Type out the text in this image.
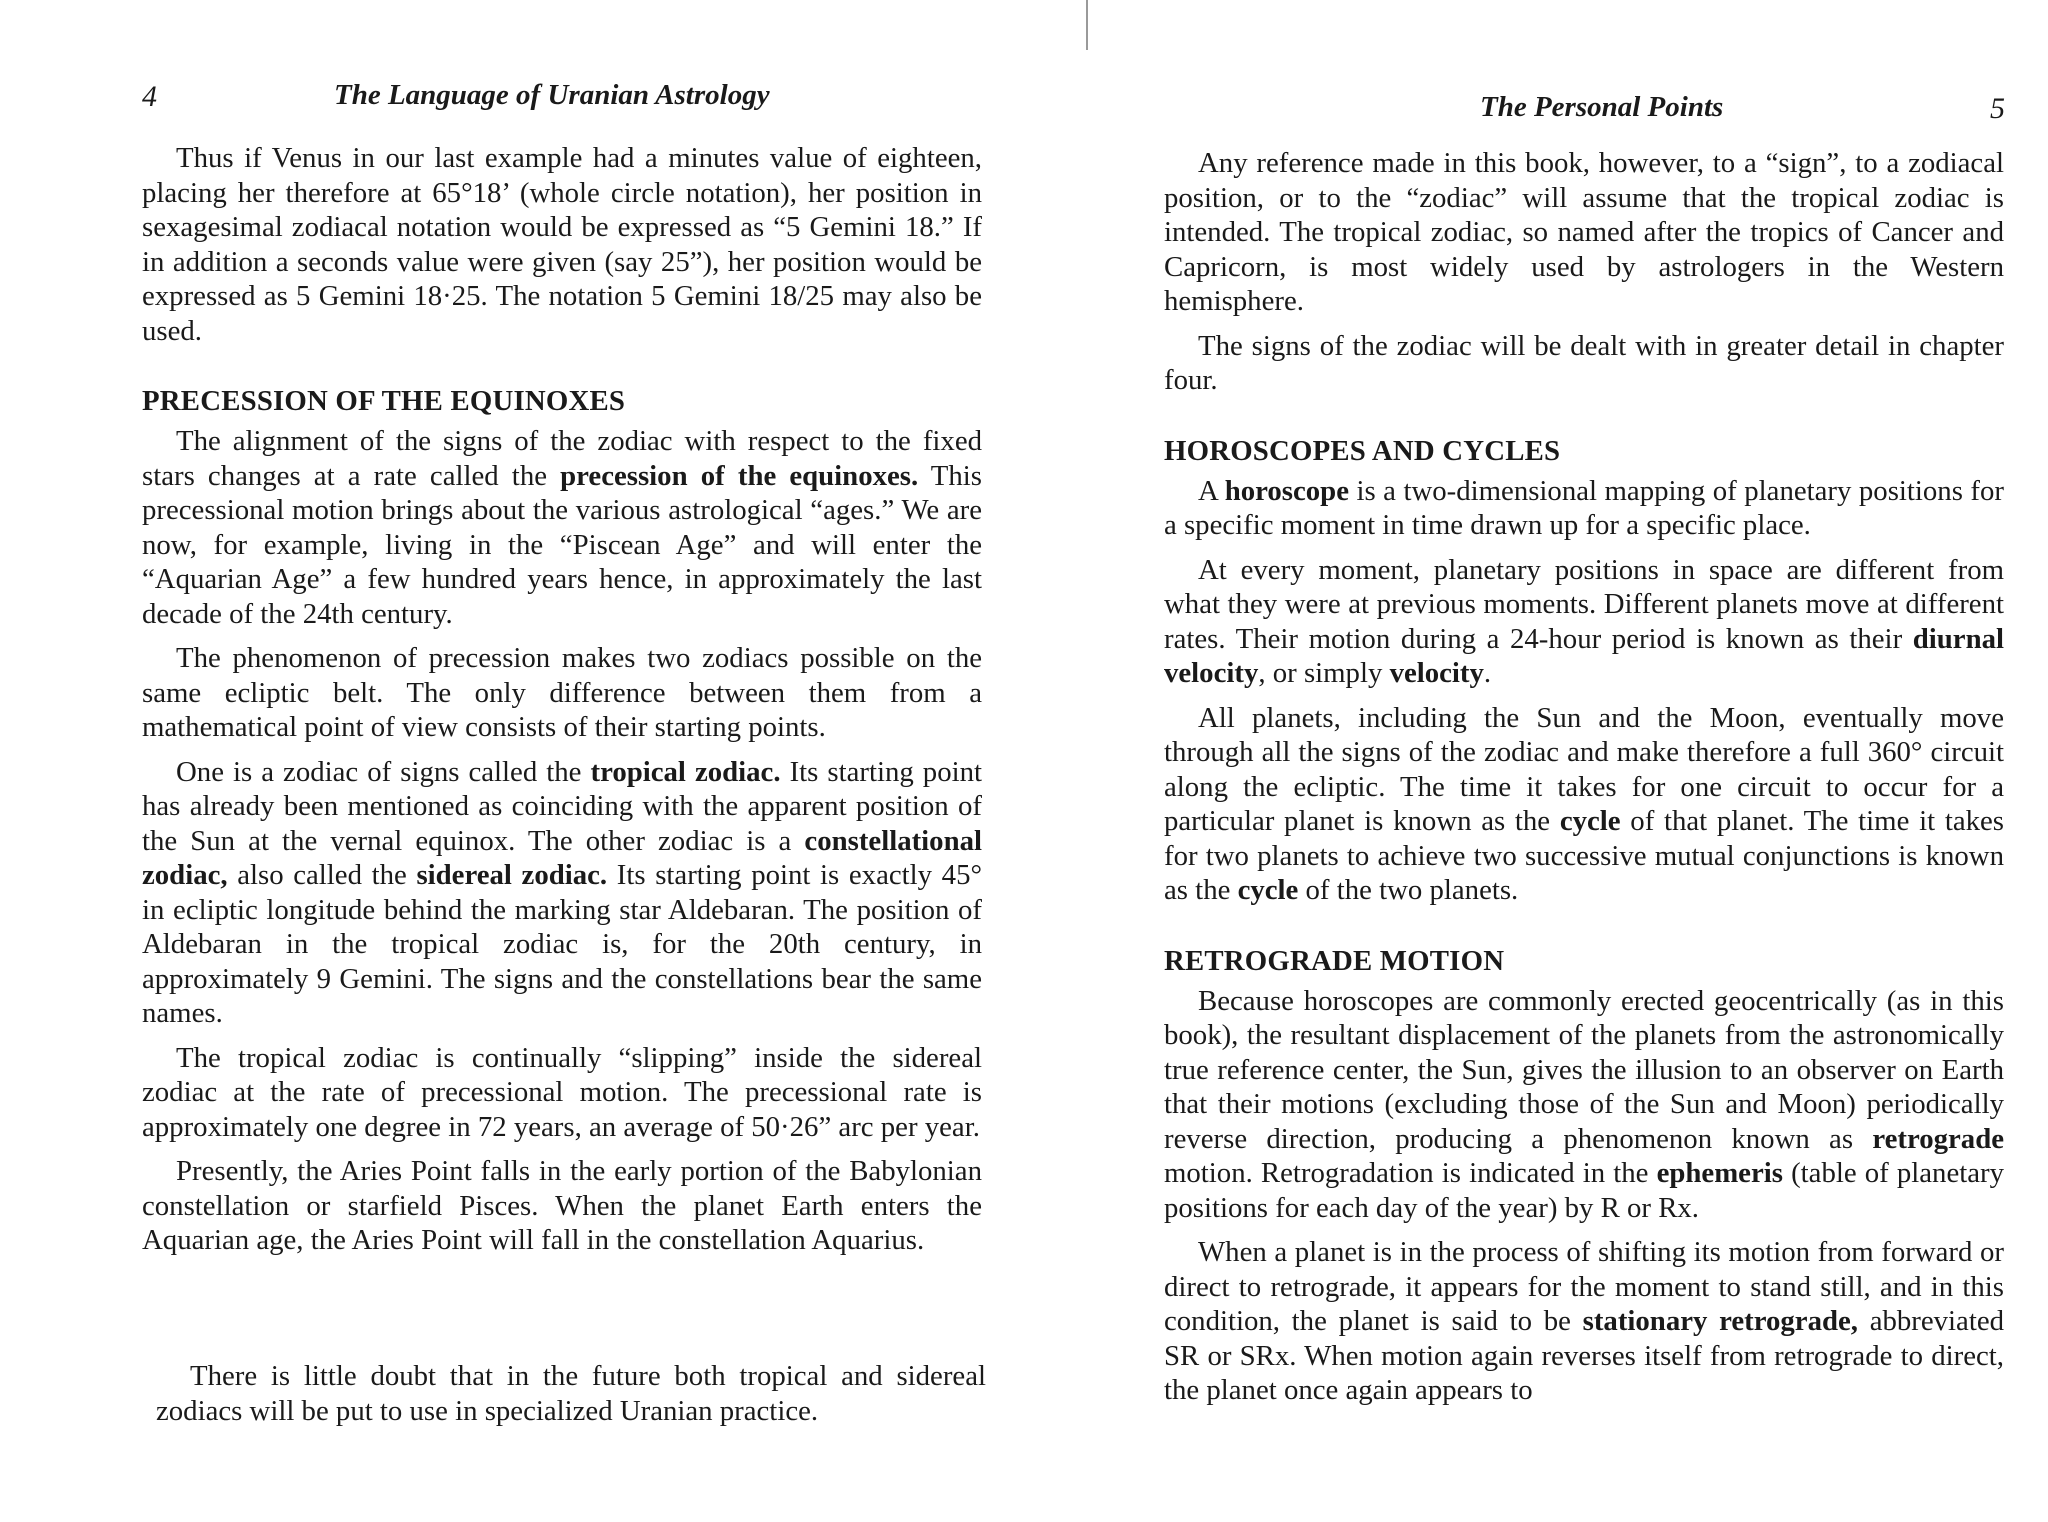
4	The Language of Uranian Astrology

Thus if Venus in our last example had a minutes value of eighteen, placing her therefore at 65°18’ (whole circle notation), her position in sexagesimal zodiacal notation would be expressed as “5 Gemini 18.” If in addition a seconds value were given (say 25”), her position would be expressed as 5 Gemini 18·25. The notation 5 Gemini 18/25 may also be used.

PRECESSION OF THE EQUINOXES

The alignment of the signs of the zodiac with respect to the fixed stars changes at a rate called the precession of the equinoxes. This precessional motion brings about the various astrological “ages.” We are now, for example, living in the “Piscean Age” and will enter the “Aquarian Age” a few hundred years hence, in approximately the last decade of the 24th century.

The phenomenon of precession makes two zodiacs possible on the same ecliptic belt. The only difference between them from a mathematical point of view consists of their starting points.

One is a zodiac of signs called the tropical zodiac. Its starting point has already been mentioned as coinciding with the apparent position of the Sun at the vernal equinox. The other zodiac is a constellational zodiac, also called the sidereal zodiac. Its starting point is exactly 45° in ecliptic longitude behind the marking star Aldebaran. The position of Aldebaran in the tropical zodiac is, for the 20th century, in approximately 9 Gemini. The signs and the constellations bear the same names.

The tropical zodiac is continually “slipping” inside the sidereal zodiac at the rate of precessional motion. The precessional rate is approximately one degree in 72 years, an average of 50·26” arc per year.

Presently, the Aries Point falls in the early portion of the Babylonian constellation or starfield Pisces. When the planet Earth enters the Aquarian age, the Aries Point will fall in the constellation Aquarius.

There is little doubt that in the future both tropical and sidereal zodiacs will be put to use in specialized Uranian practice.
The Personal Points	5

Any reference made in this book, however, to a “sign”, to a zodiacal position, or to the “zodiac” will assume that the tropical zodiac is intended. The tropical zodiac, so named after the tropics of Cancer and Capricorn, is most widely used by astrologers in the Western hemisphere.

The signs of the zodiac will be dealt with in greater detail in chapter four.

HOROSCOPES AND CYCLES

A horoscope is a two-dimensional mapping of planetary positions for a specific moment in time drawn up for a specific place.

At every moment, planetary positions in space are different from what they were at previous moments. Different planets move at different rates. Their motion during a 24-hour period is known as their diurnal velocity, or simply velocity.

All planets, including the Sun and the Moon, eventually move through all the signs of the zodiac and make therefore a full 360° circuit along the ecliptic. The time it takes for one circuit to occur for a particular planet is known as the cycle of that planet. The time it takes for two planets to achieve two successive mutual conjunctions is known as the cycle of the two planets.

RETROGRADE MOTION

Because horoscopes are commonly erected geocentrically (as in this book), the resultant displacement of the planets from the astronomically true reference center, the Sun, gives the illusion to an observer on Earth that their motions (excluding those of the Sun and Moon) periodically reverse direction, producing a phenomenon known as retrograde motion. Retrogradation is indicated in the ephemeris (table of planetary positions for each day of the year) by R or Rx.

When a planet is in the process of shifting its motion from forward or direct to retrograde, it appears for the moment to stand still, and in this condition, the planet is said to be stationary retrograde, abbreviated SR or SRx. When motion again reverses itself from retrograde to direct, the planet once again appears to
